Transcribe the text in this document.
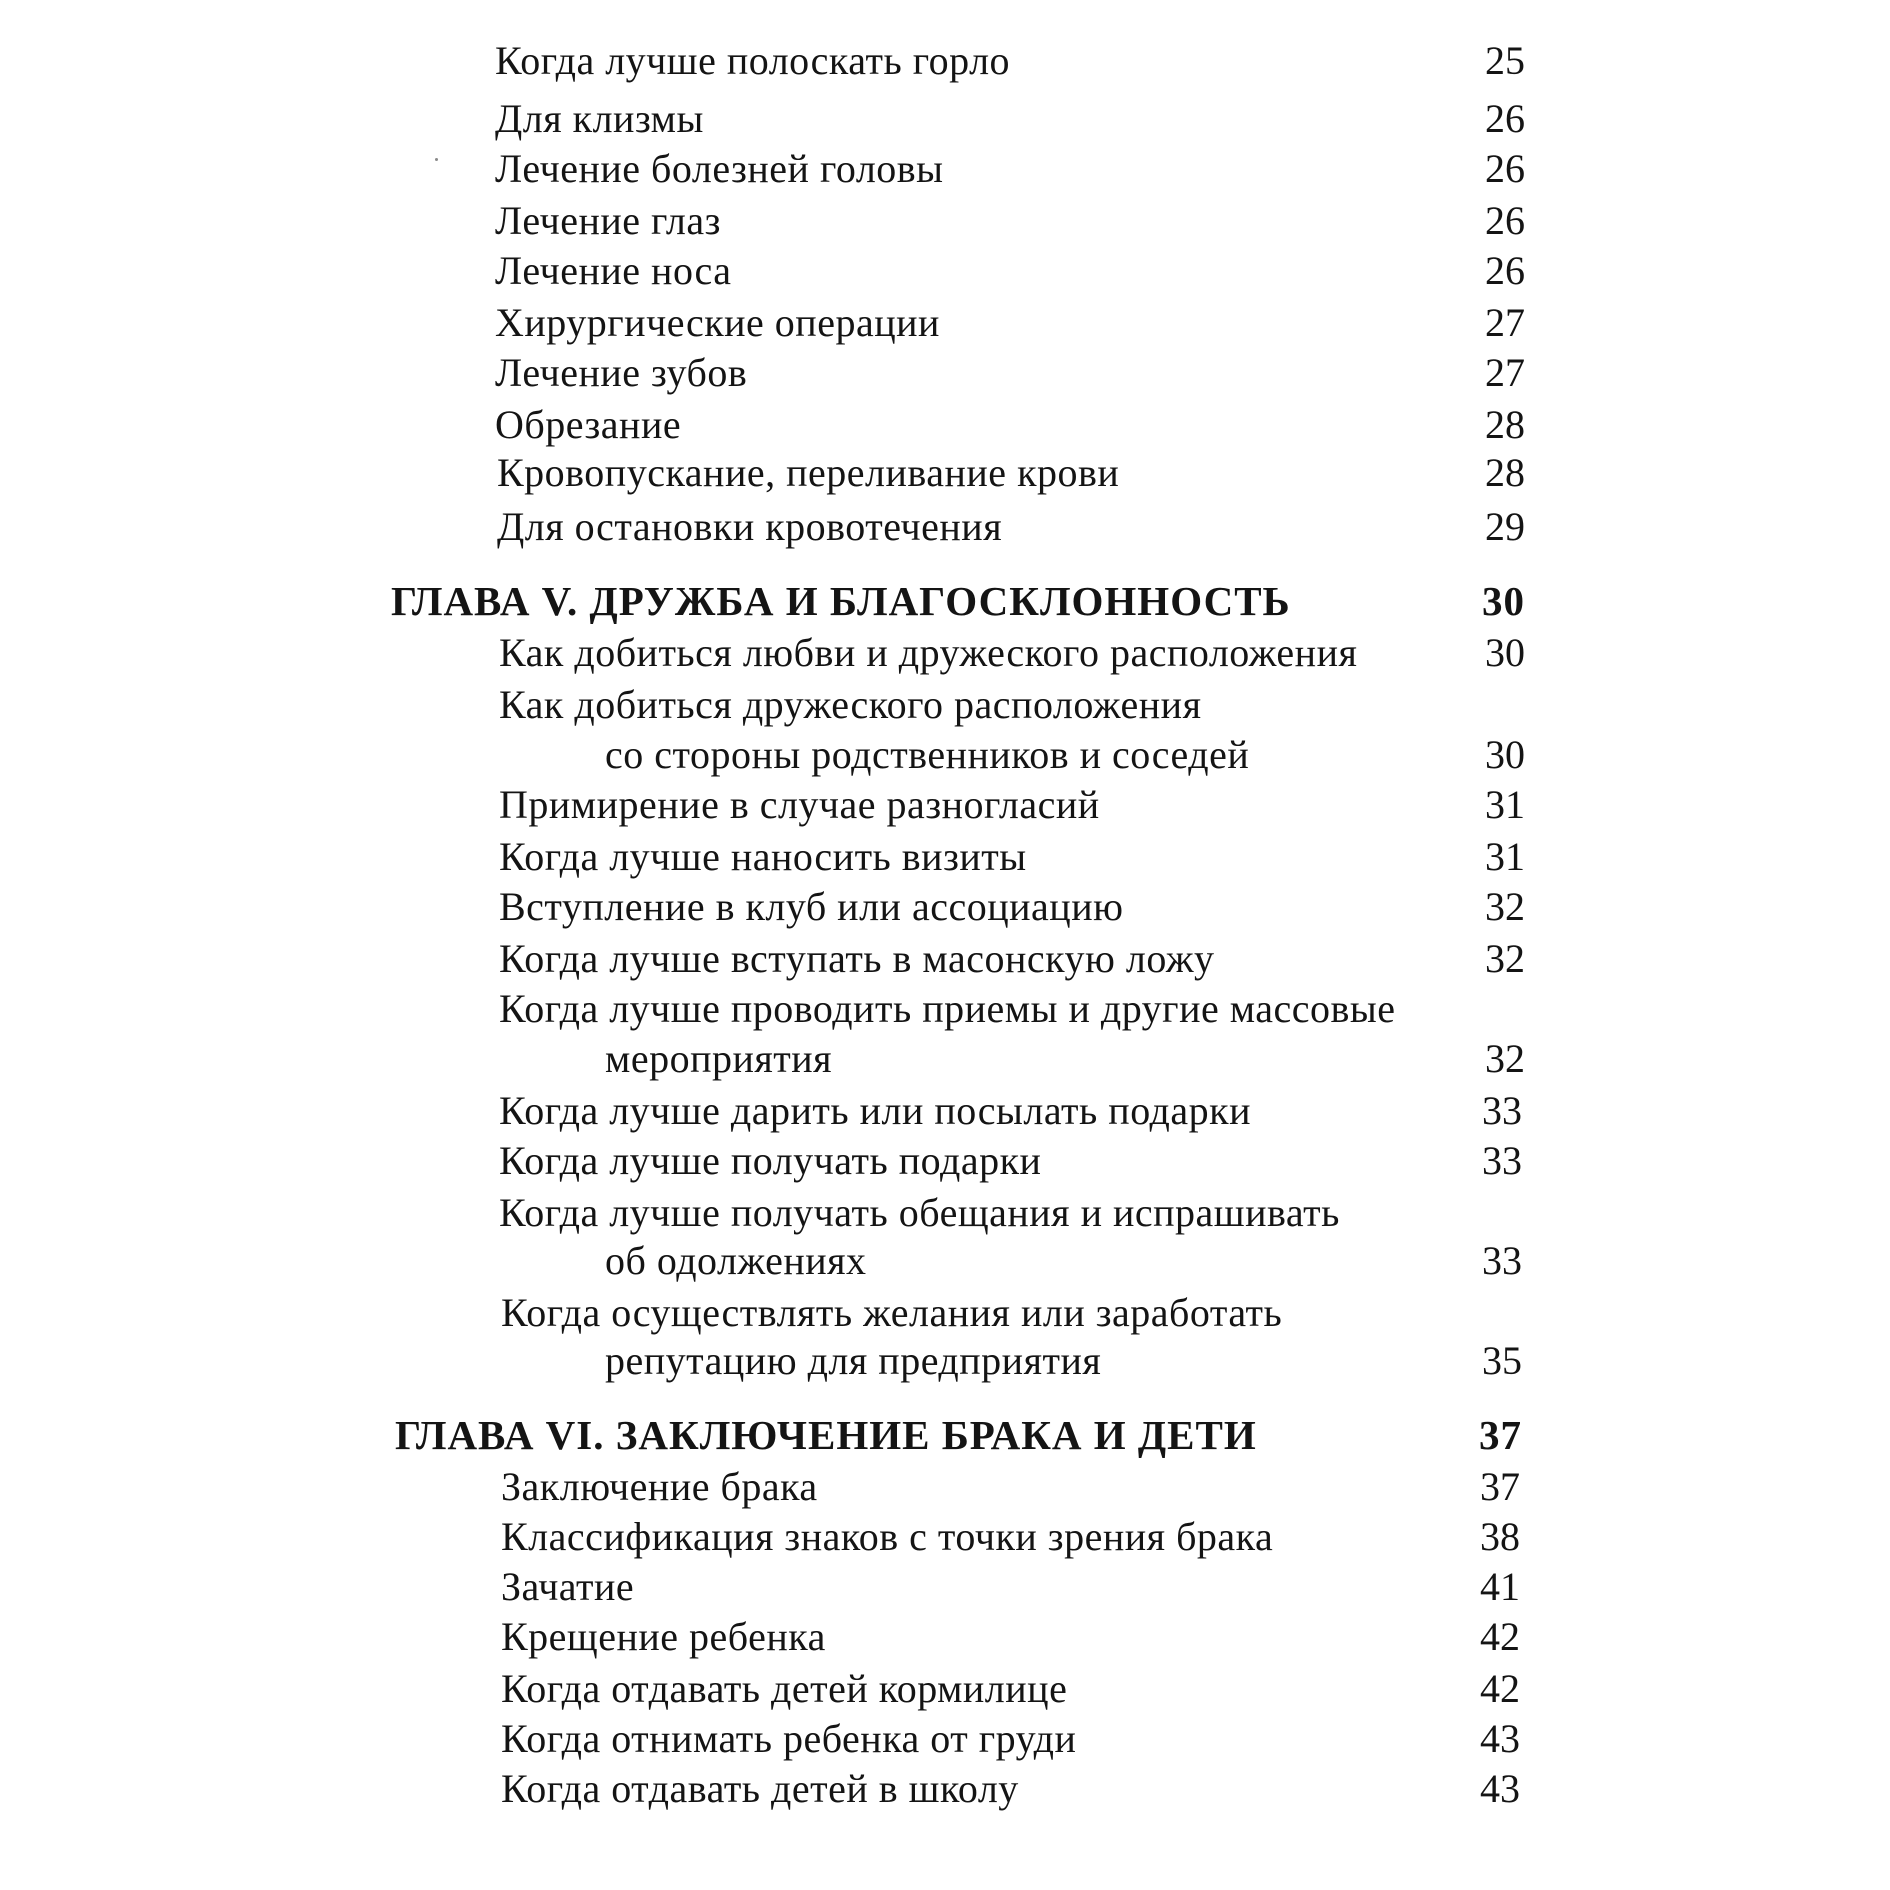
Когда лучше полоскать горло	25
Для клизмы	26
Лечение болезней головы	26
Лечение глаз	26
Лечение носа	26
Хирургические операции	27
Лечение зубов	27
Обрезание	28
Кровопускание, переливание крови	28
Для остановки кровотечения	29
ГЛАВА V. ДРУЖБА И БЛАГОСКЛОННОСТЬ	30
Как добиться любви и дружеского расположения	30
Как добиться дружеского расположения
со стороны родственников и соседей	30
Примирение в случае разногласий	31
Когда лучше наносить визиты	31
Вступление в клуб или ассоциацию	32
Когда лучше вступать в масонскую ложу	32
Когда лучше проводить приемы и другие массовые
мероприятия	32
Когда лучше дарить или посылать подарки	33
Когда лучше получать подарки	33
Когда лучше получать обещания и испрашивать
об одолжениях	33
Когда осуществлять желания или заработать
репутацию для предприятия	35
ГЛАВА VI. ЗАКЛЮЧЕНИЕ БРАКА И ДЕТИ	37
Заключение брака	37
Классификация знаков с точки зрения брака	38
Зачатие	41
Крещение ребенка	42
Когда отдавать детей кормилице	42
Когда отнимать ребенка от груди	43
Когда отдавать детей в школу	43
